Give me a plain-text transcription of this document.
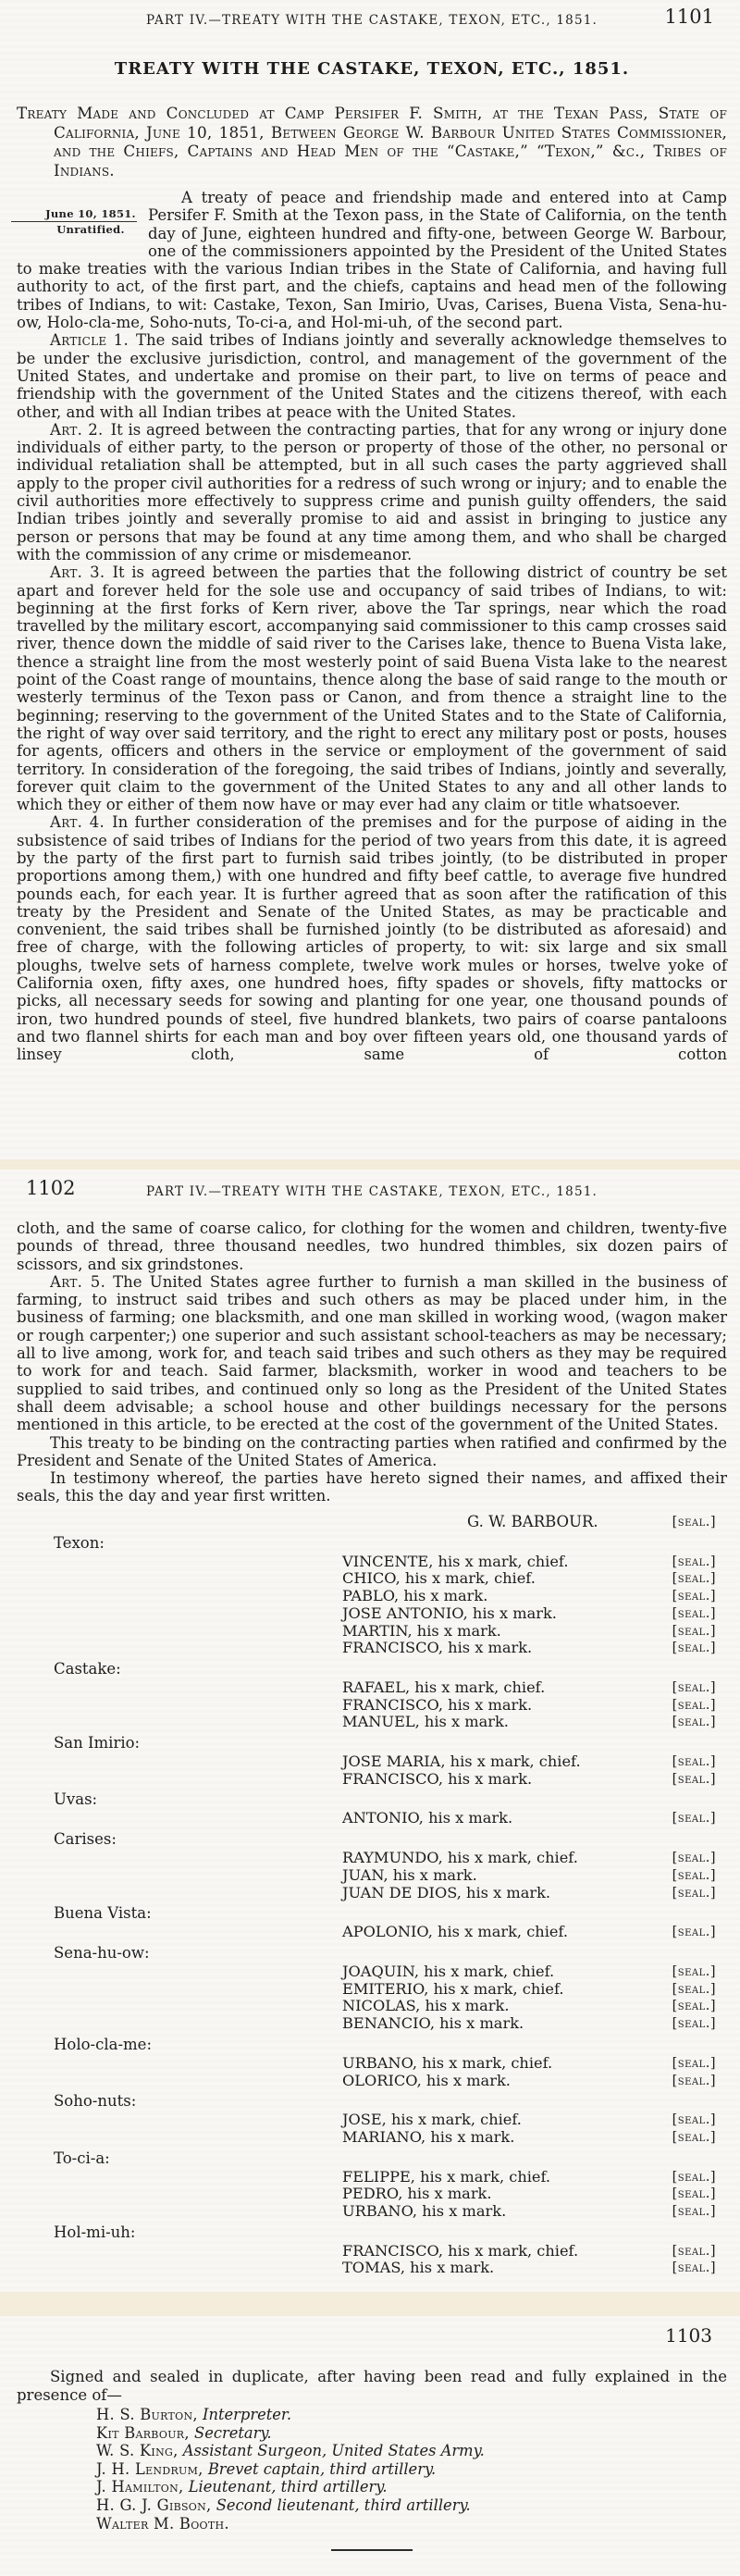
PART IV.—TREATY WITH THE CASTAKE, TEXON, ETC., 1851.	1101
TREATY WITH THE CASTAKE, TEXON, ETC., 1851.

Treaty Made and Concluded at Camp Persifer F. Smith, at the Texan Pass, State of California, June 10, 1851, Between George W. Barbour United States Commissioner, and the Chiefs, Captains and Head Men of the “Castake,” “Texon,” &c., Tribes of Indians.

June 10, 1851.
Unratified.
A treaty of peace and friendship made and entered into at Camp Persifer F. Smith at the Texon pass, in the State of California, on the tenth day of June, eighteen hundred and fifty-one, between George W. Barbour, one of the commissioners appointed by the President of the United States to make treaties with the various Indian tribes in the State of California, and having full authority to act, of the first part, and the chiefs, captains and head men of the following tribes of Indians, to wit: Castake, Texon, San Imirio, Uvas, Carises, Buena Vista, Sena-hu-ow, Holo-cla-me, Soho-nuts, To-ci-a, and Hol-mi-uh, of the second part.

Article 1. The said tribes of Indians jointly and severally acknowledge themselves to be under the exclusive jurisdiction, control, and management of the government of the United States, and undertake and promise on their part, to live on terms of peace and friendship with the government of the United States and the citizens thereof, with each other, and with all Indian tribes at peace with the United States.

Art. 2. It is agreed between the contracting parties, that for any wrong or injury done individuals of either party, to the person or property of those of the other, no personal or individual retaliation shall be attempted, but in all such cases the party aggrieved shall apply to the proper civil authorities for a redress of such wrong or injury; and to enable the civil authorities more effectively to suppress crime and punish guilty offenders, the said Indian tribes jointly and severally promise to aid and assist in bringing to justice any person or persons that may be found at any time among them, and who shall be charged with the commission of any crime or misdemeanor.

Art. 3. It is agreed between the parties that the following district of country be set apart and forever held for the sole use and occupancy of said tribes of Indians, to wit: beginning at the first forks of Kern river, above the Tar springs, near which the road travelled by the military escort, accompanying said commissioner to this camp crosses said river, thence down the middle of said river to the Carises lake, thence to Buena Vista lake, thence a straight line from the most westerly point of said Buena Vista lake to the nearest point of the Coast range of mountains, thence along the base of said range to the mouth or westerly terminus of the Texon pass or Canon, and from thence a straight line to the beginning; reserving to the government of the United States and to the State of California, the right of way over said territory, and the right to erect any military post or posts, houses for agents, officers and others in the service or employment of the government of said territory. In consideration of the foregoing, the said tribes of Indians, jointly and severally, forever quit claim to the government of the United States to any and all other lands to which they or either of them now have or may ever had any claim or title whatsoever.

Art. 4. In further consideration of the premises and for the purpose of aiding in the subsistence of said tribes of Indians for the period of two years from this date, it is agreed by the party of the first part to furnish said tribes jointly, (to be distributed in proper proportions among them,) with one hundred and fifty beef cattle, to average five hundred pounds each, for each year. It is further agreed that as soon after the ratification of this treaty by the President and Senate of the United States, as may be practicable and convenient, the said tribes shall be furnished jointly (to be distributed as aforesaid) and free of charge, with the following articles of property, to wit: six large and six small ploughs, twelve sets of harness complete, twelve work mules or horses, twelve yoke of California oxen, fifty axes, one hundred hoes, fifty spades or shovels, fifty mattocks or picks, all necessary seeds for sowing and planting for one year, one thousand pounds of iron, two hundred pounds of steel, five hundred blankets, two pairs of coarse pantaloons and two flannel shirts for each man and boy over fifteen years old, one thousand yards of linsey cloth, same of cotton

1102	PART IV.—TREATY WITH THE CASTAKE, TEXON, ETC., 1851.

cloth, and the same of coarse calico, for clothing for the women and children, twenty-five pounds of thread, three thousand needles, two hundred thimbles, six dozen pairs of scissors, and six grindstones.

Art. 5. The United States agree further to furnish a man skilled in the business of farming, to instruct said tribes and such others as may be placed under him, in the business of farming; one blacksmith, and one man skilled in working wood, (wagon maker or rough carpenter;) one superior and such assistant school-teachers as may be necessary; all to live among, work for, and teach said tribes and such others as they may be required to work for and teach. Said farmer, blacksmith, worker in wood and teachers to be supplied to said tribes, and continued only so long as the President of the United States shall deem advisable; a school house and other buildings necessary for the persons mentioned in this article, to be erected at the cost of the government of the United States.

This treaty to be binding on the contracting parties when ratified and confirmed by the President and Senate of the United States of America.

In testimony whereof, the parties have hereto signed their names, and affixed their seals, this the day and year first written.

G. W. BARBOUR.	[seal.]
Texon:
VINCENTE, his x mark, chief.	[seal.]
CHICO, his x mark, chief.	[seal.]
PABLO, his x mark.	[seal.]
JOSE ANTONIO, his x mark.	[seal.]
MARTIN, his x mark.	[seal.]
FRANCISCO, his x mark.	[seal.]
Castake:
RAFAEL, his x mark, chief.	[seal.]
FRANCISCO, his x mark.	[seal.]
MANUEL, his x mark.	[seal.]
San Imirio:
JOSE MARIA, his x mark, chief.	[seal.]
FRANCISCO, his x mark.	[seal.]
Uvas:
ANTONIO, his x mark.	[seal.]
Carises:
RAYMUNDO, his x mark, chief.	[seal.]
JUAN, his x mark.	[seal.]
JUAN DE DIOS, his x mark.	[seal.]
Buena Vista:
APOLONIO, his x mark, chief.	[seal.]
Sena-hu-ow:
JOAQUIN, his x mark, chief.	[seal.]
EMITERIO, his x mark, chief.	[seal.]
NICOLAS, his x mark.	[seal.]
BENANCIO, his x mark.	[seal.]
Holo-cla-me:
URBANO, his x mark, chief.	[seal.]
OLORICO, his x mark.	[seal.]
Soho-nuts:
JOSE, his x mark, chief.	[seal.]
MARIANO, his x mark.	[seal.]
To-ci-a:
FELIPPE, his x mark, chief.	[seal.]
PEDRO, his x mark.	[seal.]
URBANO, his x mark.	[seal.]
Hol-mi-uh:
FRANCISCO, his x mark, chief.	[seal.]
TOMAS, his x mark.	[seal.]
1103

Signed and sealed in duplicate, after having been read and fully explained in the presence of—

H. S. Burton, Interpreter.
Kit Barbour, Secretary.
W. S. King, Assistant Surgeon, United States Army.
J. H. Lendrum, Brevet captain, third artillery.
J. Hamilton, Lieutenant, third artillery.
H. G. J. Gibson, Second lieutenant, third artillery.
Walter M. Booth.
